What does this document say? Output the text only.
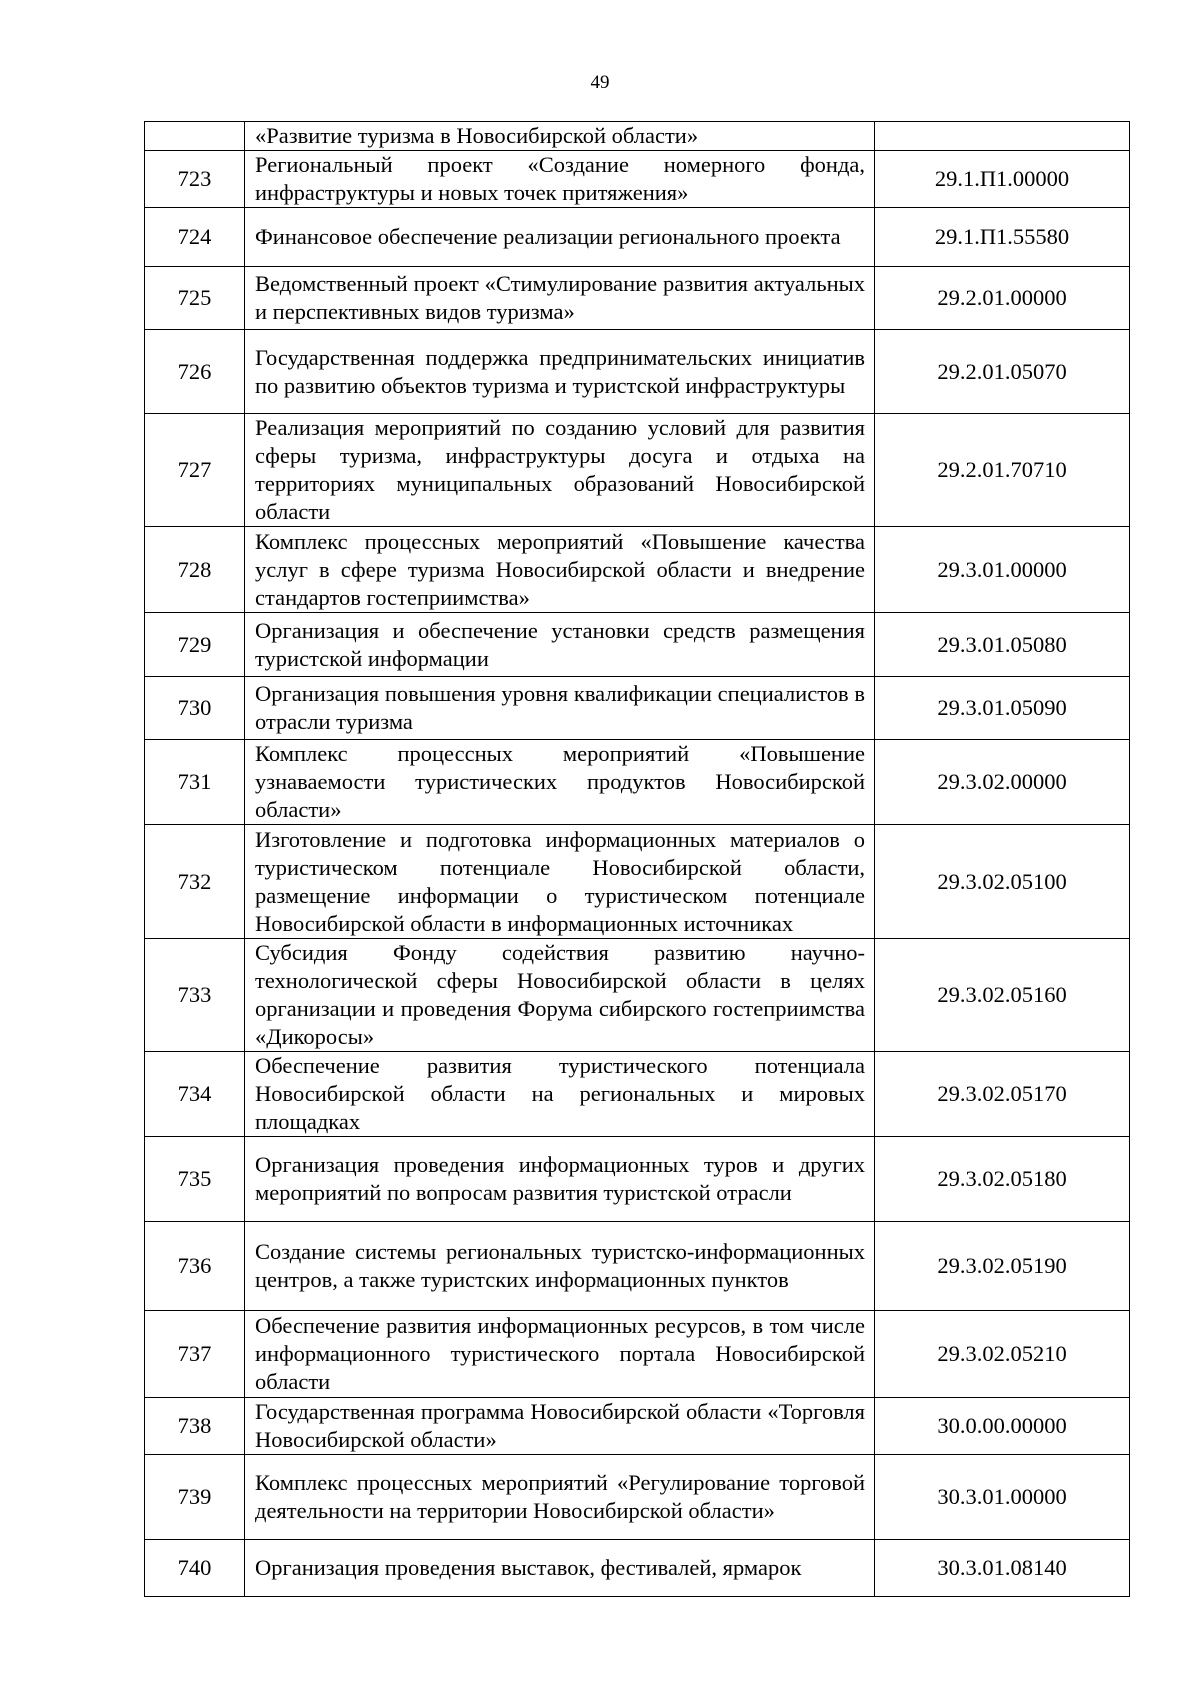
49
	«Развитие туризма в Новосибирской области»	
723	Региональный проект «Создание номерного фонда, инфраструктуры и новых точек притяжения»	29.1.П1.00000
724	Финансовое обеспечение реализации регионального проекта	29.1.П1.55580
725	Ведомственный проект «Стимулирование развития актуальных и перспективных видов туризма»	29.2.01.00000
726	Государственная поддержка предпринимательских инициатив по развитию объектов туризма и туристской инфраструктуры	29.2.01.05070
727	Реализация мероприятий по созданию условий для развития сферы туризма, инфраструктуры досуга и отдыха на территориях муниципальных образований Новосибирской области	29.2.01.70710
728	Комплекс процессных мероприятий «Повышение качества услуг в сфере туризма Новосибирской области и внедрение стандартов гостеприимства»	29.3.01.00000
729	Организация и обеспечение установки средств размещения туристской информации	29.3.01.05080
730	Организация повышения уровня квалификации специалистов в отрасли туризма	29.3.01.05090
731	Комплекс процессных мероприятий «Повышение узнаваемости туристических продуктов Новосибирской области»	29.3.02.00000
732	Изготовление и подготовка информационных материалов о туристическом потенциале Новосибирской области, размещение информации о туристическом потенциале Новосибирской области в информационных источниках	29.3.02.05100
733	Субсидия Фонду содействия развитию научно-технологической сферы Новосибирской области в целях организации и проведения Форума сибирского гостеприимства «Дикоросы»	29.3.02.05160
734	Обеспечение развития туристического потенциала Новосибирской области на региональных и мировых площадках	29.3.02.05170
735	Организация проведения информационных туров и других мероприятий по вопросам развития туристской отрасли	29.3.02.05180
736	Создание системы региональных туристско-информационных центров, а также туристских информационных пунктов	29.3.02.05190
737	Обеспечение развития информационных ресурсов, в том числе информационного туристического портала Новосибирской области	29.3.02.05210
738	Государственная программа Новосибирской области «Торговля Новосибирской области»	30.0.00.00000
739	Комплекс процессных мероприятий «Регулирование торговой деятельности на территории Новосибирской области»	30.3.01.00000
740	Организация проведения выставок, фестивалей, ярмарок	30.3.01.08140
